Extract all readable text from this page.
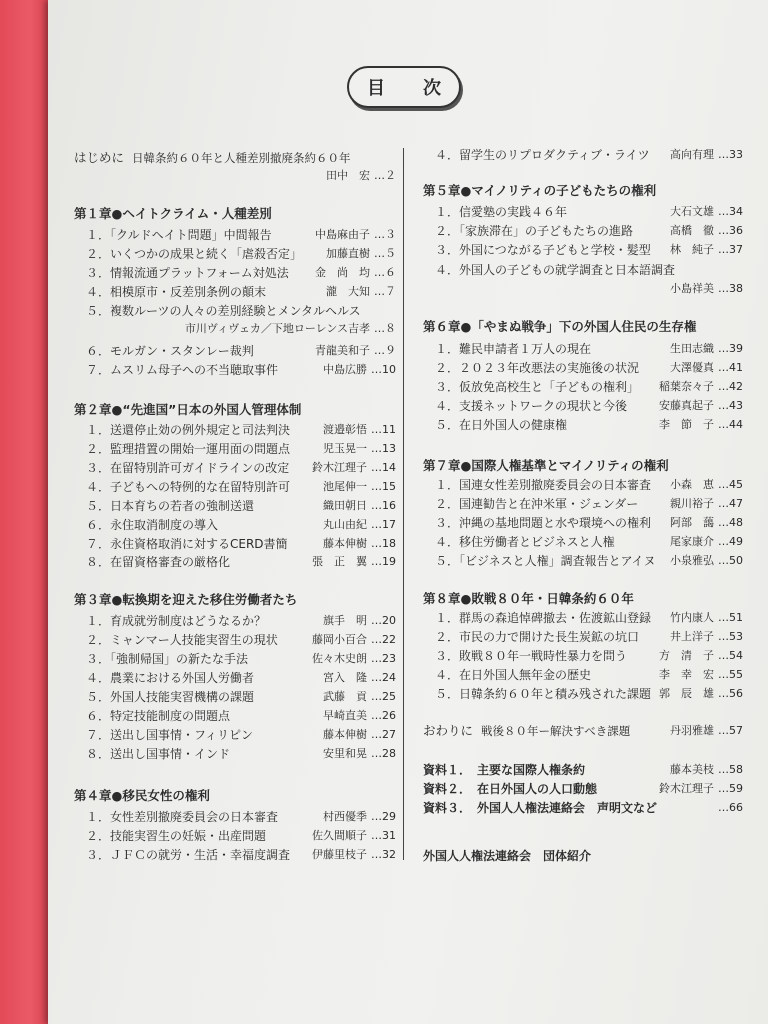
目　次
はじめに 日韓条約６０年と人種差別撤廃条約６０年
田中　宏 …２
第１章●ヘイトクライム・人種差別
１．「クルドヘイト問題」中間報告	中島麻由子 …３
２．いくつかの成果と続く「虐殺否定」 加藤直樹 …５
３．情報流通プラットフォーム対処法 金　尚　均 …６
４．相模原市・反差別条例の顛末	瀧　大知 …７
５．複数ルーツの人々の差別経験とメンタルヘルス
市川ヴィヴェカ／下地ローレンス吉孝 …８
６．モルガン・スタンレー裁判	青龍美和子 …９
７．ムスリム母子への不当聴取事件	中島広勝 …10
第２章●“先進国”日本の外国人管理体制
１．送還停止効の例外規定と司法判決	渡邉彰悟 …11
２．監理措置の開始一運用面の問題点	児玉晃一 …13
３．在留特別許可ガイドラインの改定 鈴木江理子 …14
４．子どもへの特例的な在留特別許可	池尾伸一 …15
５．日本育ちの若者の強制送還	織田朝日 …16
６．永住取消制度の導入	丸山由紀 …17
７．永住資格取消に対するCERD書簡	藤本伸樹 …18
８．在留資格審査の厳格化	張　正　翼 …19
第３章●転換期を迎えた移住労働者たち
１．育成就労制度はどうなるか？	旗手　明 …20
２．ミャンマー人技能実習生の現状	藤岡小百合 …22
３．「強制帰国」の新たな手法	佐々木史朗 …23
４．農業における外国人労働者	宮入　隆 …24
５．外国人技能実習機構の課題	武藤　貢 …25
６．特定技能制度の問題点	早崎直美 …26
７．送出し国事情・フィリピン	藤本伸樹 …27
８．送出し国事情・インド	安里和晃 …28
第４章●移民女性の権利
１．女性差別撤廃委員会の日本審査	村西優季 …29
２．技能実習生の妊娠・出産問題	佐久間順子 …31
３．ＪＦＣの就労・生活・幸福度調査 伊藤里枝子 …32
４．留学生のリプロダクティブ・ライツ 高向有理 …33
第５章●マイノリティの子どもたちの権利
１．信愛塾の実践４６年	大石文雄 …34
２．「家族滞在」の子どもたちの進路	高橋　徹 …36
３．外国につながる子どもと学校・髪型 林　純子 …37
４．外国人の子どもの就学調査と日本語調査
小島祥美 …38
第６章●「やまぬ戦争」下の外国人住民の生存権
１．難民申請者１万人の現在	生田志織 …39
２．２０２３年改悪法の実施後の状況	大澤優真 …41
３．仮放免高校生と「子どもの権利」 稲葉奈々子 …42
４．支援ネットワークの現状と今後	安藤真起子 …43
５．在日外国人の健康権	李　節　子 …44
第７章●国際人権基準とマイノリティの権利
１．国連女性差別撤廃委員会の日本審査 小森　恵 …45
２．国連勧告と在沖米軍・ジェンダー	親川裕子 …47
３．沖縄の基地問題と水や環境への権利 阿部　藹 …48
４．移住労働者とビジネスと人権	尾家康介 …49
５．「ビジネスと人権」調査報告とアイヌ 小泉雅弘 …50
第８章●敗戦８０年・日韓条約６０年
１．群馬の森追悼碑撤去・佐渡鉱山登録 竹内康人 …51
２．市民の力で開けた長生炭鉱の坑口	井上洋子 …53
３．敗戦８０年一戦時性暴力を問う	方　清　子 …54
４．在日外国人無年金の歴史	李　幸　宏 …55
５．日韓条約６０年と積み残された課題 郭　辰　雄 …56
おわりに 戦後８０年ー解決すべき課題	丹羽雅雄 …57
資料１． 主要な国際人権条約	藤本美枝 …58
資料２． 在日外国人の人口動態	鈴木江理子 …59
資料３． 外国人人権法連絡会　声明文など	…66
外国人人権法連絡会　団体紹介
